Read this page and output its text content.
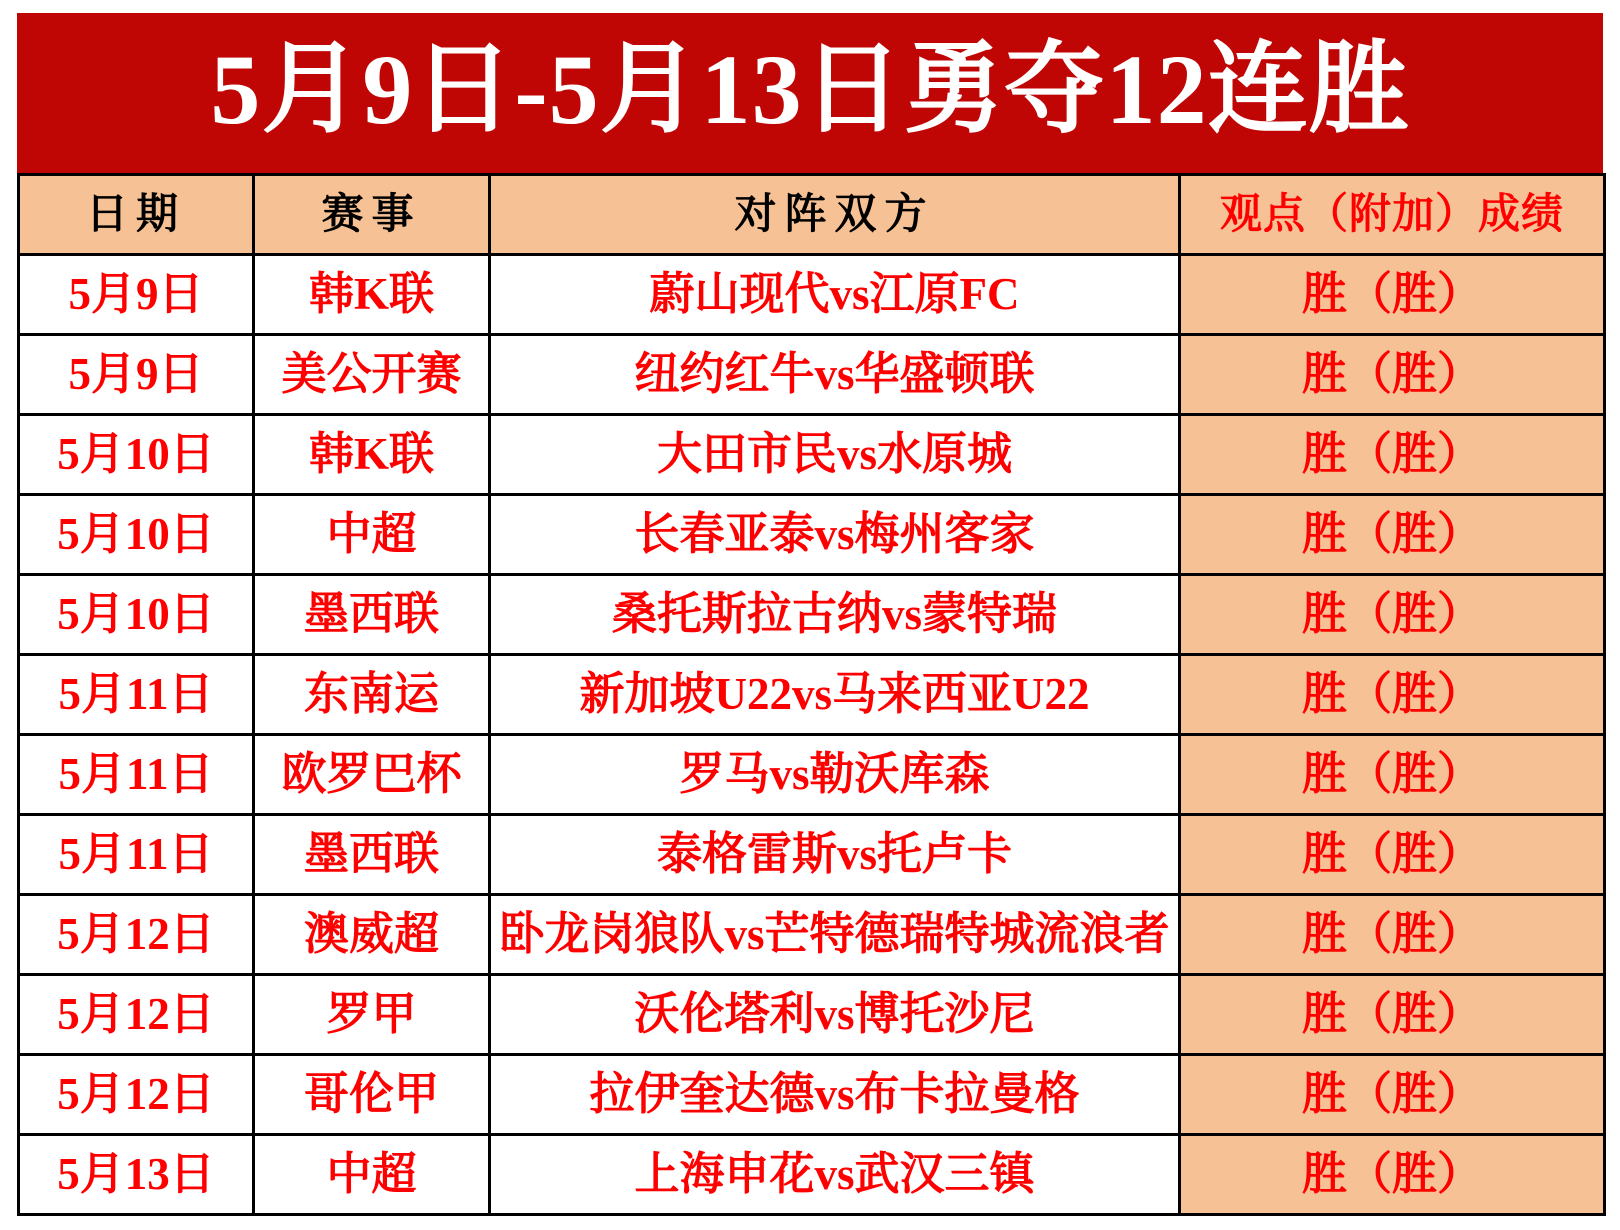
5月9日-5月13日勇夺12连胜
日期	赛事	对阵双方	观点（附加）成绩
5月9日	韩K联	蔚山现代vs江原FC	胜（胜）
5月9日	美公开赛	纽约红牛vs华盛顿联	胜（胜）
5月10日	韩K联	大田市民vs水原城	胜（胜）
5月10日	中超	长春亚泰vs梅州客家	胜（胜）
5月10日	墨西联	桑托斯拉古纳vs蒙特瑞	胜（胜）
5月11日	东南运	新加坡U22vs马来西亚U22	胜（胜）
5月11日	欧罗巴杯	罗马vs勒沃库森	胜（胜）
5月11日	墨西联	泰格雷斯vs托卢卡	胜（胜）
5月12日	澳威超	卧龙岗狼队vs芒特德瑞特城流浪者	胜（胜）
5月12日	罗甲	沃伦塔利vs博托沙尼	胜（胜）
5月12日	哥伦甲	拉伊奎达德vs布卡拉曼格	胜（胜）
5月13日	中超	上海申花vs武汉三镇	胜（胜）
